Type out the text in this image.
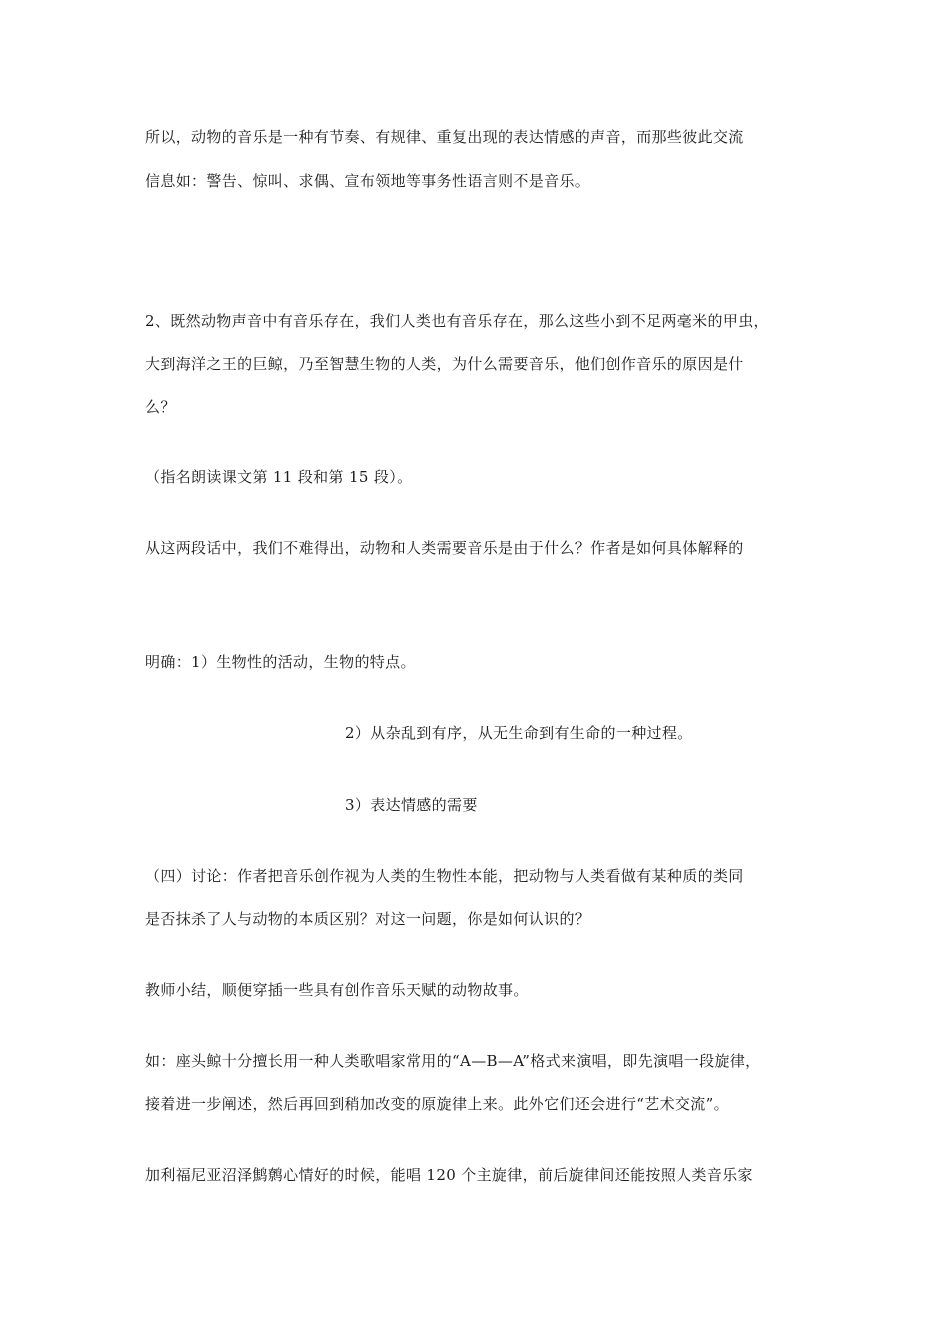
所以，动物的音乐是一种有节奏、有规律、重复出现的表达情感的声音，而那些彼此交流
信息如：警告、惊叫、求偶、宣布领地等事务性语言则不是音乐。
2、既然动物声音中有音乐存在，我们人类也有音乐存在，那么这些小到不足两毫米的甲虫，
大到海洋之王的巨鲸，乃至智慧生物的人类，为什么需要音乐，他们创作音乐的原因是什
么？
（指名朗读课文第 11 段和第 15 段）。
从这两段话中，我们不难得出，动物和人类需要音乐是由于什么？作者是如何具体解释的
明确：1）生物性的活动，生物的特点。
2）从杂乱到有序，从无生命到有生命的一种过程。
3）表达情感的需要
（四）讨论：作者把音乐创作视为人类的生物性本能，把动物与人类看做有某种质的类同
是否抹杀了人与动物的本质区别？对这一问题，你是如何认识的？
教师小结，顺便穿插一些具有创作音乐天赋的动物故事。
如：座头鲸十分擅长用一种人类歌唱家常用的“A—B—A”格式来演唱，即先演唱一段旋律，
接着进一步阐述，然后再回到稍加改变的原旋律上来。此外它们还会进行“艺术交流”。
加利福尼亚沼泽鹪鹩心情好的时候，能唱 120 个主旋律，前后旋律间还能按照人类音乐家
